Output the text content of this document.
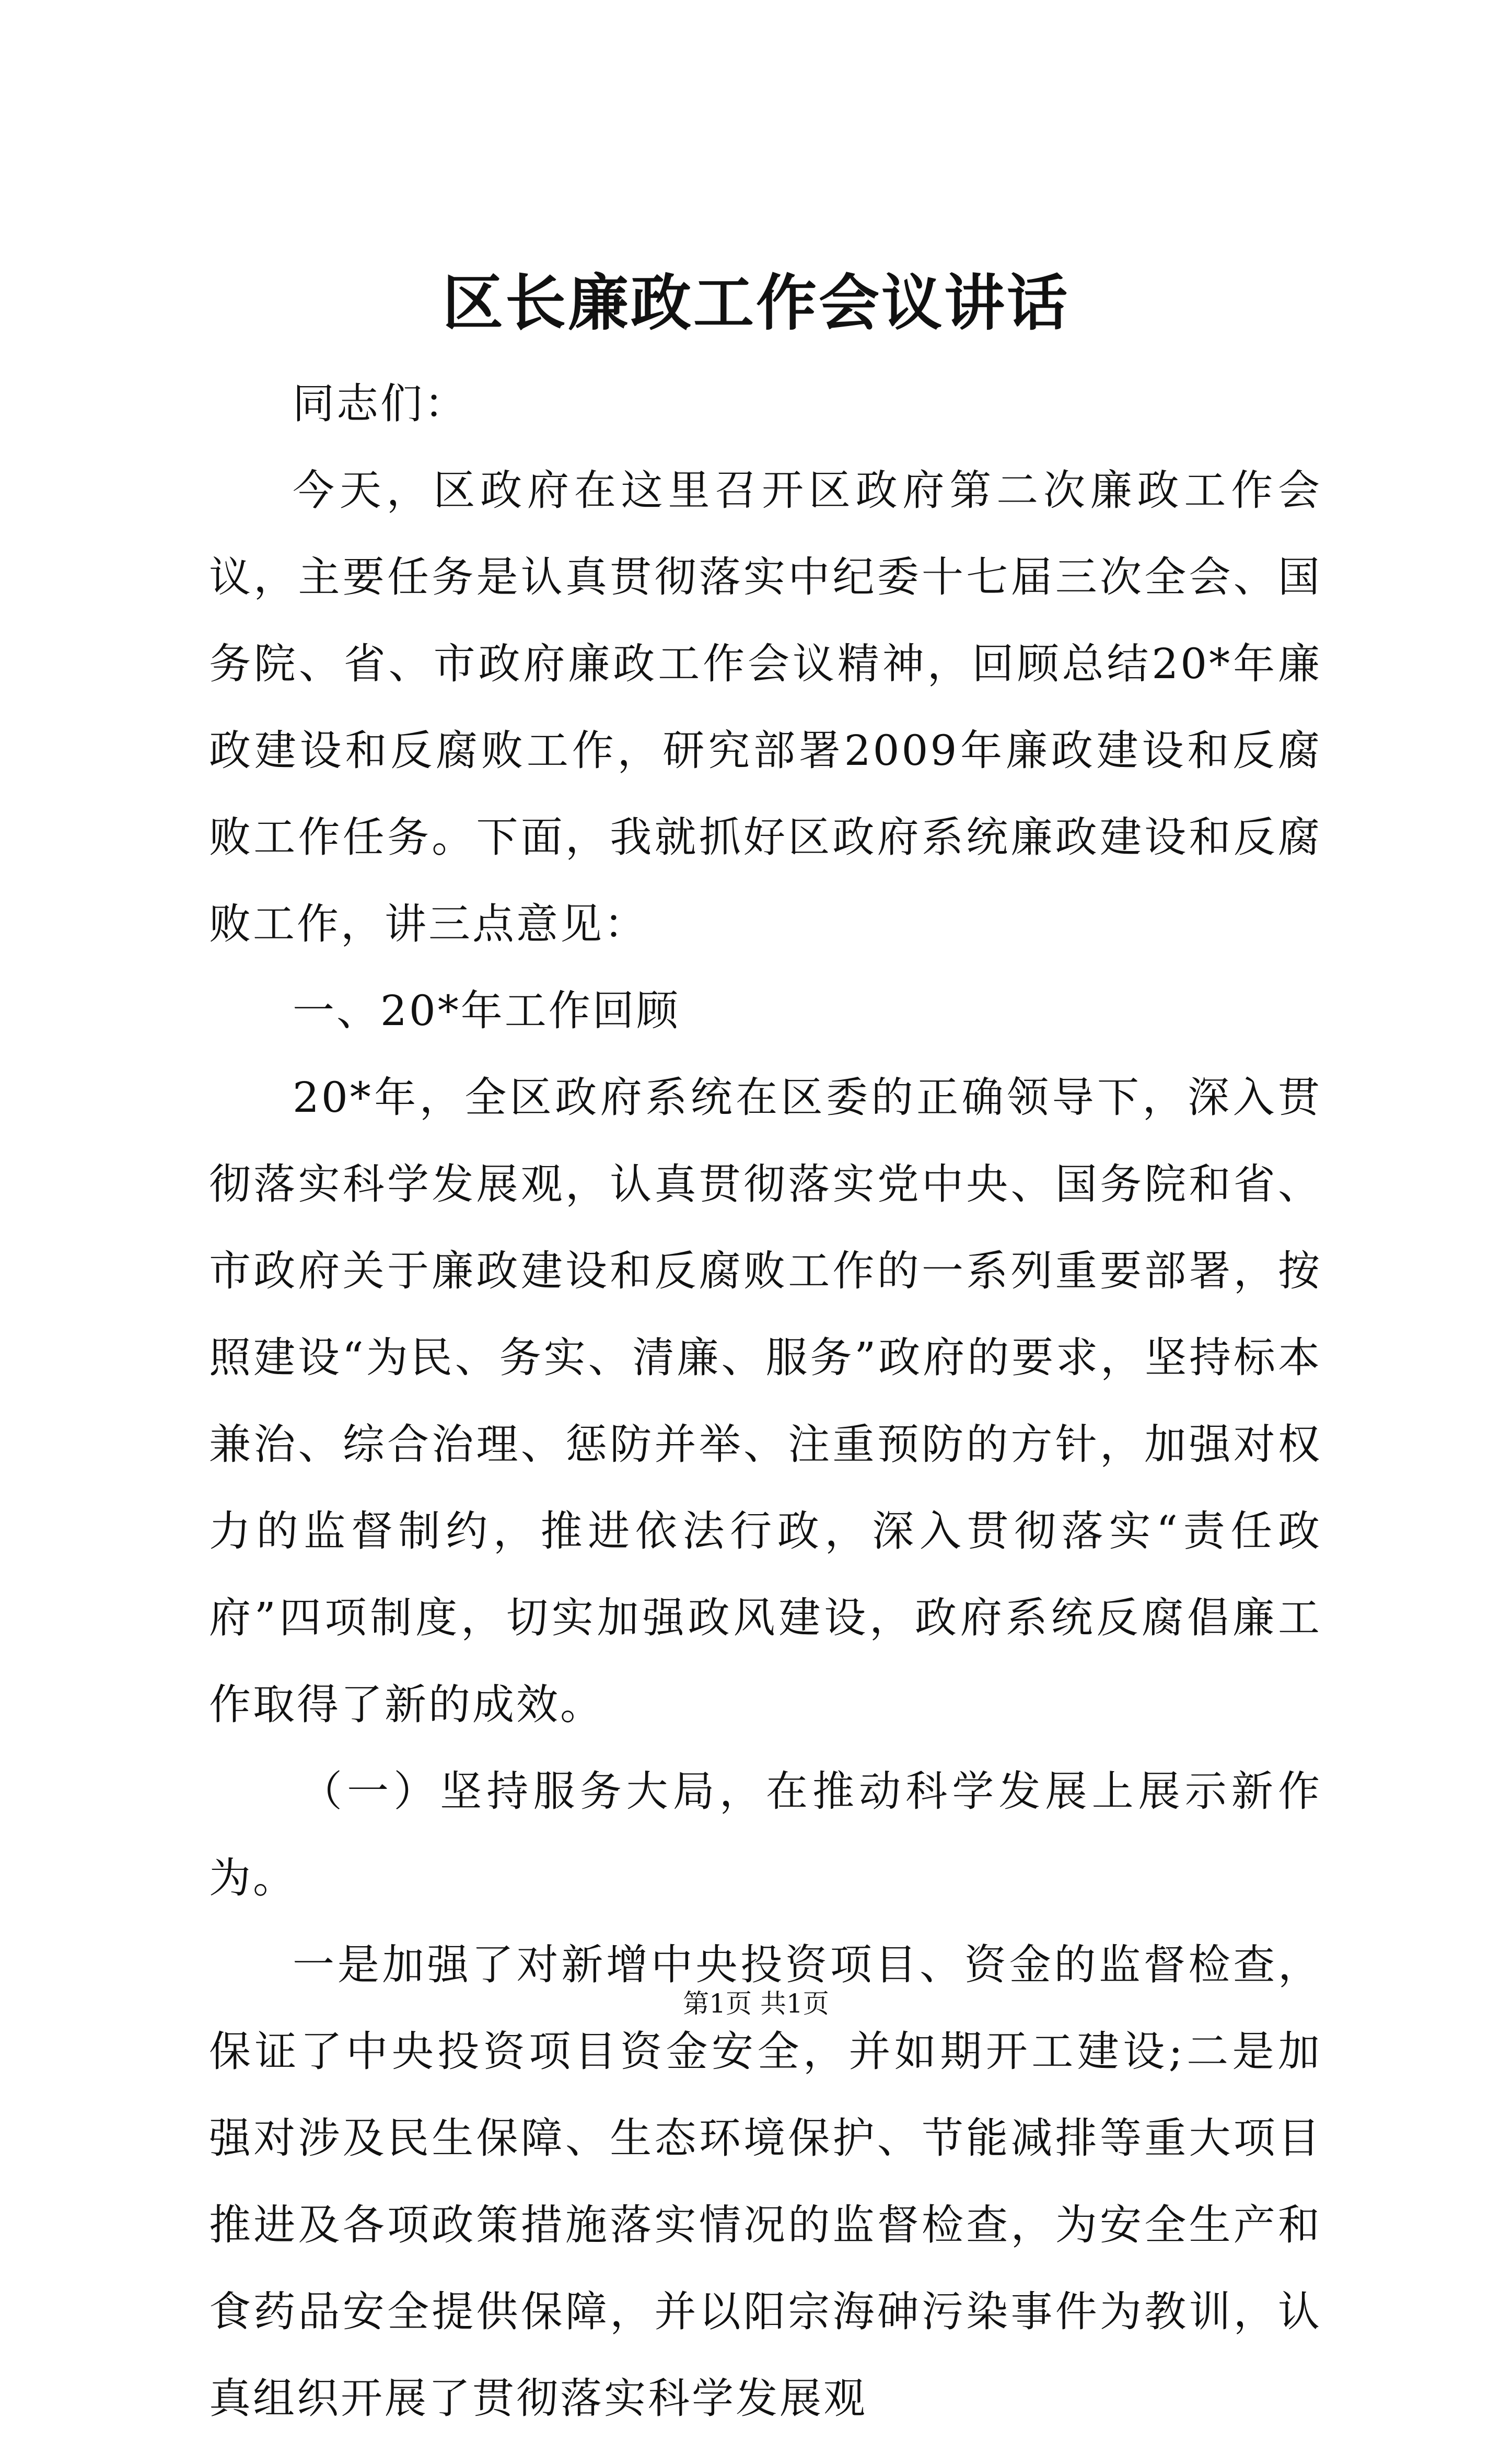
区长廉政工作会议讲话

同志们：

今天，区政府在这里召开区政府第二次廉政工作会议，主要任务是认真贯彻落实中纪委十七届三次全会、国务院、省、市政府廉政工作会议精神，回顾总结20*年廉政建设和反腐败工作，研究部署2009年廉政建设和反腐败工作任务。下面，我就抓好区政府系统廉政建设和反腐败工作，讲三点意见：

一、20*年工作回顾

20*年，全区政府系统在区委的正确领导下，深入贯彻落实科学发展观，认真贯彻落实党中央、国务院和省、市政府关于廉政建设和反腐败工作的一系列重要部署，按照建设“为民、务实、清廉、服务”政府的要求，坚持标本兼治、综合治理、惩防并举、注重预防的方针，加强对权力的监督制约，推进依法行政，深入贯彻落实“责任政府”四项制度，切实加强政风建设，政府系统反腐倡廉工作取得了新的成效。

（一）坚持服务大局，在推动科学发展上展示新作为。

一是加强了对新增中央投资项目、资金的监督检查，保证了中央投资项目资金安全，并如期开工建设;二是加强对涉及民生保障、生态环境保护、节能减排等重大项目推进及各项政策措施落实情况的监督检查，为安全生产和食药品安全提供保障，并以阳宗海砷污染事件为教训，认真组织开展了贯彻落实科学发展观

第1页 共1页
